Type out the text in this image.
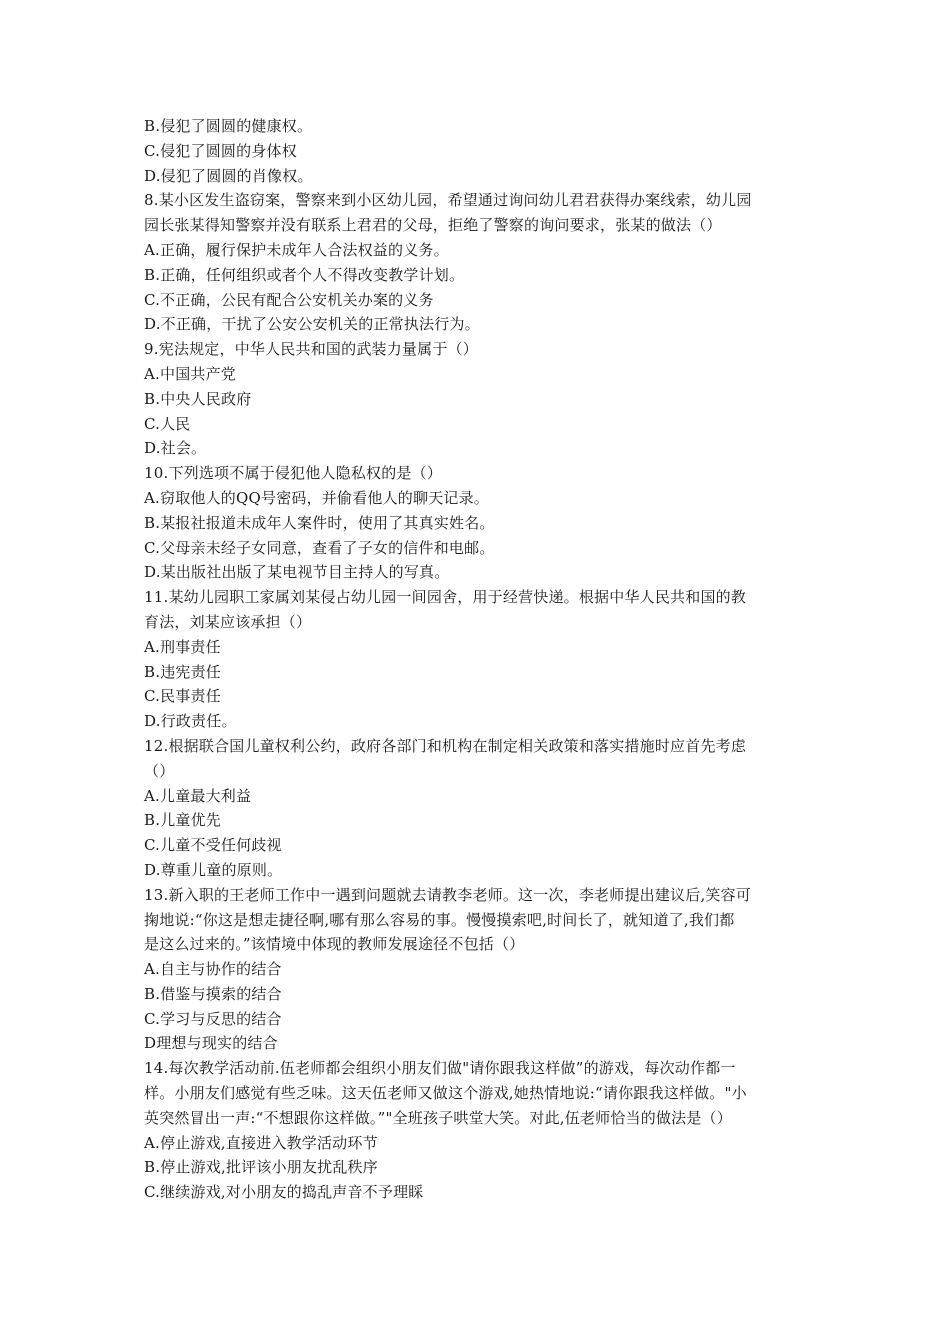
B.侵犯了圆圆的健康权。
C.侵犯了圆圆的身体权
D.侵犯了圆圆的肖像权。
8.某小区发生盗窃案，警察来到小区幼儿园，希望通过询问幼儿君君获得办案线索，幼儿园
园长张某得知警察并没有联系上君君的父母，拒绝了警察的询问要求，张某的做法（）
A.正确，履行保护未成年人合法权益的义务。
B.正确，任何组织或者个人不得改变教学计划。
C.不正确，公民有配合公安机关办案的义务
D.不正确，干扰了公安公安机关的正常执法行为。
9.宪法规定，中华人民共和国的武装力量属于（）
A.中国共产党
B.中央人民政府
C.人民
D.社会。
10.下列选项不属于侵犯他人隐私权的是（）
A.窃取他人的QQ号密码，并偷看他人的聊天记录。
B.某报社报道未成年人案件时，使用了其真实姓名。
C.父母亲未经子女同意，查看了子女的信件和电邮。
D.某出版社出版了某电视节目主持人的写真。
11.某幼儿园职工家属刘某侵占幼儿园一间园舍，用于经营快递。根据中华人民共和国的教
育法，刘某应该承担（）
A.刑事责任
B.违宪责任
C.民事责任
D.行政责任。
12.根据联合国儿童权利公约，政府各部门和机构在制定相关政策和落实措施时应首先考虑
（）
A.儿童最大利益
B.儿童优先
C.儿童不受任何歧视
D.尊重儿童的原则。
13.新入职的王老师工作中一遇到问题就去请教李老师。这一次，李老师提出建议后,笑容可
掬地说:“你这是想走捷径啊,哪有那么容易的事。慢慢摸索吧,时间长了，就知道了,我们都
是这么过来的。”该情境中体现的教师发展途径不包括（）
A.自主与协作的结合
B.借鉴与摸索的结合
C.学习与反思的结合
D理想与现实的结合
14.每次教学活动前.伍老师都会组织小朋友们做"请你跟我这样做”的游戏，每次动作都一
样。小朋友们感觉有些乏味。这天伍老师又做这个游戏,她热情地说:“请你跟我这样做。"小
英突然冒出一声:“不想跟你这样做。”"全班孩子哄堂大笑。对此,伍老师恰当的做法是（）
A.停止游戏,直接进入教学活动环节
B.停止游戏,批评该小朋友扰乱秩序
C.继续游戏,对小朋友的捣乱声音不予理睬
